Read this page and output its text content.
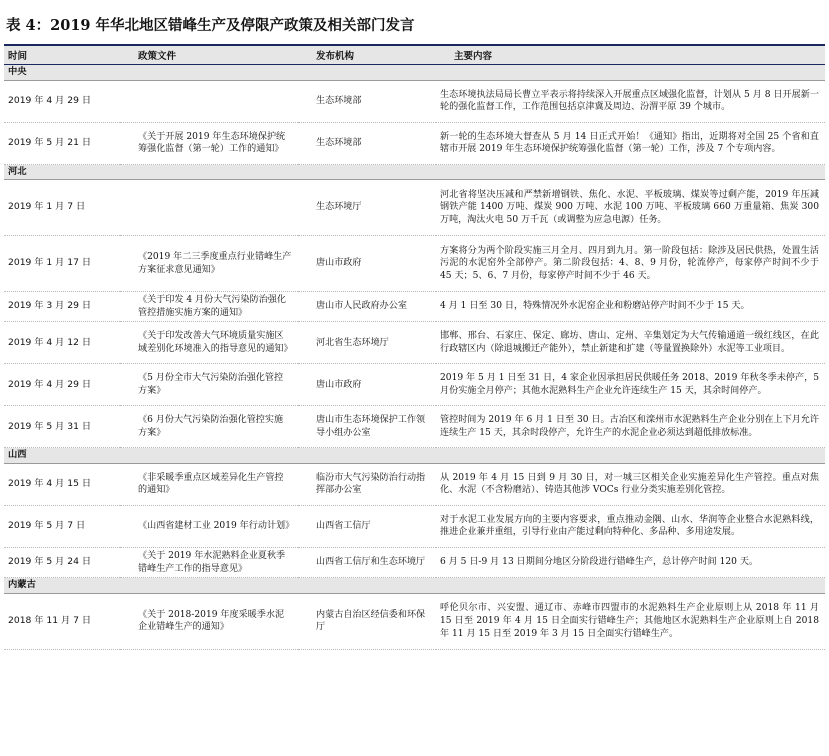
表 4：2019 年华北地区错峰生产及停限产政策及相关部门发言
时间	政策文件	发布机构	主要内容
中央			
2019 年 4 月 29 日		生态环境部	生态环境执法局局长曹立平表示将持续深入开展重点区域强化监督，计划从 5 月 8 日开展新一轮的强化监督工作，工作范围包括京津冀及周边、汾渭平原 39 个城市。
2019 年 5 月 21 日	《关于开展 2019 年生态环境保护统筹强化监督（第一轮）工作的通知》	生态环境部	新一轮的生态环境大督查从 5 月 14 日正式开始！《通知》指出，近期将对全国 25 个省和直辖市开展 2019 年生态环境保护统筹强化监督（第一轮）工作，涉及 7 个专项内容。
河北			
2019 年 1 月 7 日		生态环境厅	河北省将坚决压减和严禁新增钢铁、焦化、水泥、平板玻璃、煤炭等过剩产能，2019 年压减钢铁产能 1400 万吨、煤炭 900 万吨、水泥 100 万吨、平板玻璃 660 万重量箱、焦炭 300 万吨，淘汰火电 50 万千瓦（或调整为应急电源）任务。
2019 年 1 月 17 日	《2019 年二三季度重点行业错峰生产方案征求意见通知》	唐山市政府	方案将分为两个阶段实施三月全月、四月到九月。第一阶段包括：除涉及居民供热，处置生活污泥的水泥窑外全部停产。第二阶段包括：4、8、9 月份，轮流停产，每家停产时间不少于 45 天；5、6、7 月份，每家停产时间不少于 46 天。
2019 年 3 月 29 日	《关于印发 4 月份大气污染防治强化管控措施实施方案的通知》	唐山市人民政府办公室	4 月 1 日至 30 日，特殊情况外水泥窑企业和粉磨站停产时间不少于 15 天。
2019 年 4 月 12 日	《关于印发改善大气环境质量实施区域差别化环境准入的指导意见的通知》	河北省生态环境厅	邯郸、邢台、石家庄、保定、廊坊、唐山、定州、辛集划定为大气传输通道一级红线区，在此行政辖区内（除退城搬迁产能外），禁止新建和扩建（等量置换除外）水泥等工业项目。
2019 年 4 月 29 日	《5 月份全市大气污染防治强化管控方案》	唐山市政府	2019 年 5 月 1 日至 31 日，4 家企业因承担居民供暖任务 2018、2019 年秋冬季未停产，5 月份实施全月停产；其他水泥熟料生产企业允许连续生产 15 天，其余时间停产。
2019 年 5 月 31 日	《6 月份大气污染防治强化管控实施方案》	唐山市生态环境保护工作领导小组办公室	管控时间为 2019 年 6 月 1 日至 30 日。古冶区和滦州市水泥熟料生产企业分别在上下月允许连续生产 15 天，其余时段停产，允许生产的水泥企业必须达到超低排放标准。
山西			
2019 年 4 月 15 日	《非采暖季重点区域差异化生产管控的通知》	临汾市大气污染防治行动指挥部办公室	从 2019 年 4 月 15 日到 9 月 30 日，对一城三区相关企业实施差异化生产管控。重点对焦化、水泥（不含粉磨站）、铸造其他涉 VOCs 行业分类实施差别化管控。
2019 年 5 月 7 日	《山西省建材工业 2019 年行动计划》	山西省工信厅	对于水泥工业发展方向的主要内容要求，重点推动金隅、山水、华润等企业整合水泥熟料线，推进企业兼并重组，引导行业由产能过剩向特种化、多品种、多用途发展。
2019 年 5 月 24 日	《关于 2019 年水泥熟料企业夏秋季错峰生产工作的指导意见》	山西省工信厅和生态环境厅	6 月 5 日-9 月 13 日期间分地区分阶段进行错峰生产，总计停产时间 120 天。
内蒙古			
2018 年 11 月 7 日	《关于 2018-2019 年度采暖季水泥企业错峰生产的通知》	内蒙古自治区经信委和环保厅	呼伦贝尔市、兴安盟、通辽市、赤峰市四盟市的水泥熟料生产企业原则上从 2018 年 11 月 15 日至 2019 年 4 月 15 日全面实行错峰生产；其他地区水泥熟料生产企业原则上自 2018 年 11 月 15 日至 2019 年 3 月 15 日全面实行错峰生产。
